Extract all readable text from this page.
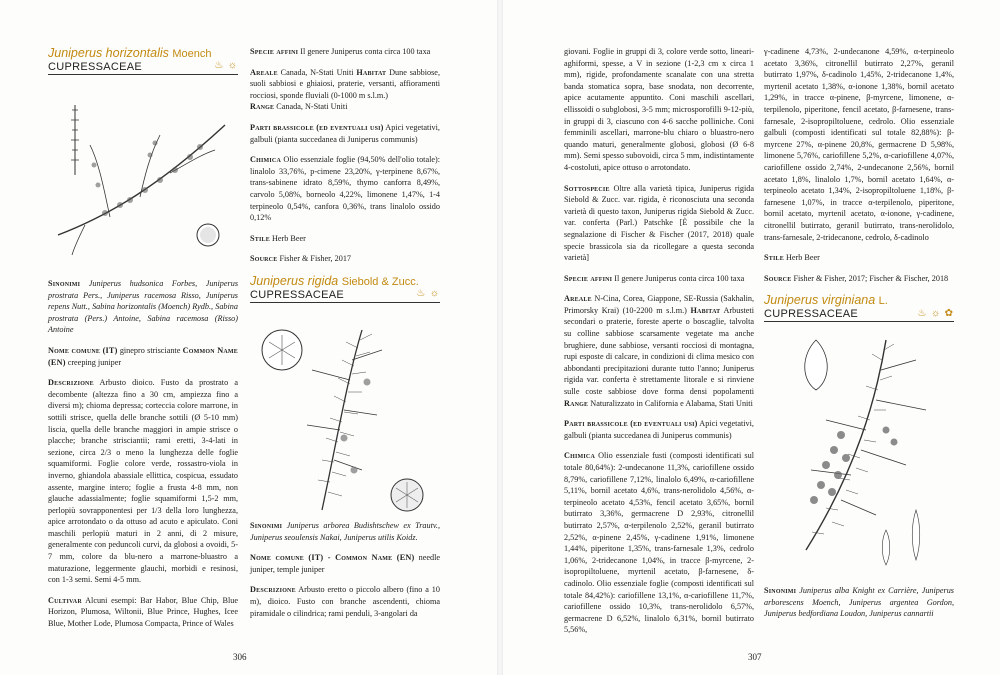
Juniperus horizontalis Moench
CUPRESSACEAE	♨ ☼

Sinonimi Juniperus hudsonica Forbes, Juniperus prostrata Pers., Juniperus racemosa Risso, Juniperus repens Nutt., Sabina horizontalis (Moench) Rydb., Sabina prostrata (Pers.) Antoine, Sabina racemosa (Risso) Antoine

Nome comune (IT) ginepro strisciante Common Name (EN) creeping juniper

Descrizione Arbusto dioico. Fusto da prostrato a decombente (altezza fino a 30 cm, ampiezza fino a diversi m); chioma depressa; corteccia colore marrone, in sottili strisce, quella delle branche sottili (Ø 5-10 mm) liscia, quella delle branche maggiori in ampie strisce o placche; branche strisciantii; rami eretti, 3-4-lati in sezione, circa 2/3 o meno la lunghezza delle foglie squamiformi. Foglie colore verde, rossastro-viola in inverno, ghiandola abassiale ellittica, cospicua, essudato assente, margine intero; foglie a frusta 4-8 mm, non glauche adassialmente; foglie squamiformi 1,5-2 mm, perlopiù sovrapponentesi per 1/3 della loro lunghezza, apice arrotondato o da ottuso ad acuto e apiculato. Coni maschili perlopiù maturi in 2 anni, di 2 misure, generalmente con peduncoli curvi, da globosi a ovoidi, 5-7 mm, colore da blu-nero a marrone-bluastro a maturazione, leggermente glauchi, morbidi e resinosi, con 1-3 semi. Semi 4-5 mm.

Cultivar Alcuni esempi: Bar Habor, Blue Chip, Blue Horizon, Plumosa, Wiltonii, Blue Prince, Hughes, Icee Blue, Mother Lode, Plumosa Compacta, Prince of Wales

Specie affini Il genere Juniperus conta circa 100 taxa

Areale Canada, N-Stati Uniti Habitat Dune sabbiose, suoli sabbiosi e ghiaiosi, praterie, versanti, affioramenti rocciosi, sponde fluviali (0-1000 m s.l.m.)
Range Canada, N-Stati Uniti

Parti brassicole (ed eventuali usi) Apici vegetativi, galbuli (pianta succedanea di Juniperus communis)

Chimica Olio essenziale foglie (94,50% dell'olio totale): linalolo 33,76%, p-cimene 23,20%, γ-terpinene 8,67%, trans-sabinene idrato 8,59%, thymo canforra 8,49%, carvolo 5,08%, borneolo 4,22%, limonene 1,47%, 1-4 terpineolo 0,54%, canfora 0,36%, trans linalolo ossido 0,12%

Stile Herb Beer

Source Fisher & Fisher, 2017

Juniperus rigida Siebold & Zucc.
CUPRESSACEAE	♨ ☼

Sinonimi Juniperus arborea Budishtschew ex Trautv., Juniperus seoulensis Nakai, Juniperus utilis Koidz.

Nome comune (IT) - Common Name (EN) needle juniper, temple juniper

Descrizione Arbusto eretto o piccolo albero (fino a 10 m), dioico. Fusto con branche ascendenti, chioma piramidale o cilindrica; rami penduli, 3-angolari da

306

giovani. Foglie in gruppi di 3, colore verde sotto, lineari-aghiformi, spesse, a V in sezione (1-2,3 cm x circa 1 mm), rigide, profondamente scanalate con una stretta banda stomatica sopra, base snodata, non decorrente, apice acutamente appuntito. Coni maschili ascellari, ellissoidi o subglobosi, 3-5 mm; microsporofilli 9-12-più, in gruppi di 3, ciascuno con 4-6 sacche polliniche. Coni femminili ascellari, marrone-blu chiaro o bluastro-nero quando maturi, generalmente globosi, globosi (Ø 6-8 mm). Semi spesso subovoidi, circa 5 mm, indistintamente 4-costoluti, apice ottuso o arrotondato.

Sottospecie Oltre alla varietà tipica, Juniperus rigida Siebold & Zucc. var. rigida, è riconosciuta una seconda varietà di questo taxon, Juniperus rigida Siebold & Zucc. var. conferta (Parl.) Patschke [È possibile che la segnalazione di Fischer & Fischer (2017, 2018) quale specie brassicola sia da ricollegare a questa seconda varietà]

Specie affini Il genere Juniperus conta circa 100 taxa

Areale N-Cina, Corea, Giappone, SE-Russia (Sakhalin, Primorsky Krai) (10-2200 m s.l.m.) Habitat Arbusteti secondari o praterie, foreste aperte o boscaglie, talvolta su colline sabbiose scarsamente vegetate ma anche brughiere, dune sabbiose, versanti rocciosi di montagna, rupi esposte di calcare, in condizioni di clima mesico con abbondanti precipitazioni durante tutto l'anno; Juniperus rigida var. conferta è strettamente litorale e si rinviene sulle coste sabbiose dove forma densi popolamenti Range Naturalizzato in California e Alabama, Stati Uniti

Parti brassicole (ed eventuali usi) Apici vegetativi, galbuli (pianta succedanea di Juniperus communis)

Chimica Olio essenziale fusti (composti identificati sul totale 80,64%): 2-undecanone 11,3%, cariofillene ossido 8,79%, cariofillene 7,12%, linalolo 6,49%, α-cariofillene 5,11%, bornil acetato 4,6%, trans-nerolidolo 4,56%, α-terpineolo acetato 4,53%, fencil acetato 3,65%, bornil butirrato 3,36%, germacrene D 2,93%, citronellil butirrato 2,57%, α-terpilenolo 2,52%, geranil butirrato 2,52%, α-pinene 2,45%, γ-cadinene 1,91%, limonene 1,44%, piperitone 1,35%, trans-farnesale 1,3%, cedrolo 1,06%, 2-tridecanone 1,04%, in tracce β-myrcene, 2-isopropiltoluene, myrtenil acetato, β-farnesene, δ-cadinolo. Olio essenziale foglie (composti identificati sul totale 84,42%): cariofillene 13,1%, α-cariofillene 11,7%, cariofillene ossido 10,3%, trans-nerolidolo 6,57%, germacrene D 6,52%, linalolo 6,31%, bornil butirrato 5,56%,

γ-cadinene 4,73%, 2-undecanone 4,59%, α-terpineolo acetato 3,36%, citronellil butirrato 2,27%, geranil butirrato 1,97%, δ-cadinolo 1,45%, 2-tridecanone 1,4%, myrtenil acetato 1,38%, α-ionone 1,38%, bornil acetato 1,29%, in tracce α-pinene, β-myrcene, limonene, α-terpilenolo, piperitone, fencil acetato, β-farnesene, trans-farnesale, 2-isopropiltoluene, cedrolo. Olio essenziale galbuli (composti identificati sul totale 82,88%): β-myrcene 27%, α-pinene 20,8%, germacrene D 5,98%, limonene 5,76%, cariofillene 5,2%, α-cariofillene 4,07%, cariofillene ossido 2,74%, 2-undecanone 2,56%, bornil acetato 1,8%, linalolo 1,7%, bornil acetato 1,64%, α-terpineolo acetato 1,34%, 2-isopropiltoluene 1,18%, β-farnesene 1,07%, in tracce α-terpilenolo, piperitone, bornil acetato, myrtenil acetato, α-ionone, γ-cadinene, citronellil butirrato, geranil butirrato, trans-nerolidolo, trans-farnesale, 2-tridecanone, cedrolo, δ-cadinolo

Stile Herb Beer

Source Fisher & Fisher, 2017; Fischer & Fischer, 2018

Juniperus virginiana L.
CUPRESSACEAE	♨ ☼ ✿

Sinonimi Juniperus alba Knight ex Carrière, Juniperus arborescens Moench, Juniperus argentea Gordon, Juniperus bedfordiana Loudon, Juniperus cannartii

307
